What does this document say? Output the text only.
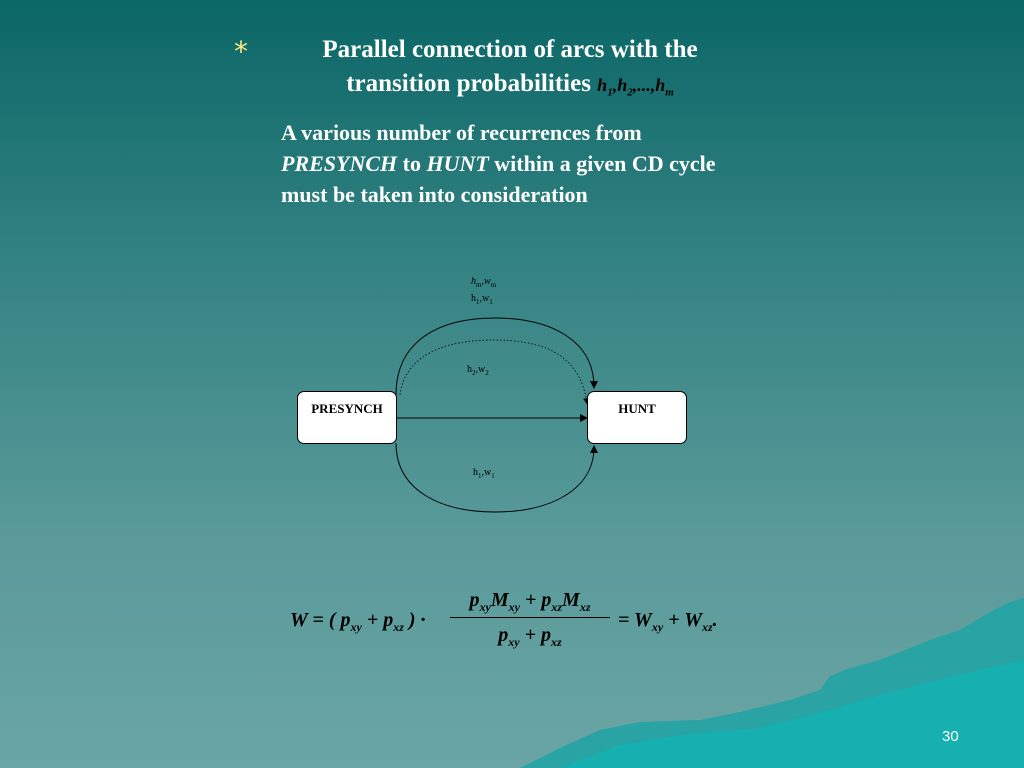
*	Parallel connection of arcs with the
transition probabilities $h_1,h_2,...,h_m$
A various number of recurrences from PRESYNCH to HUNT within a given CD cycle must be taken into consideration
PRESYNCH	HUNT
$h_m,w_m$
$h_1,w_1$
$h_2,w_2$
$h_1,w_1$
W = ( $p_{xy} + p_{xz}$ ) ·
$p_{xy}M_{xy} + p_{xz}M_{xz}$
$p_{xy} + p_{xz}$
= $W_{xy} + W_{xz}$.
30
